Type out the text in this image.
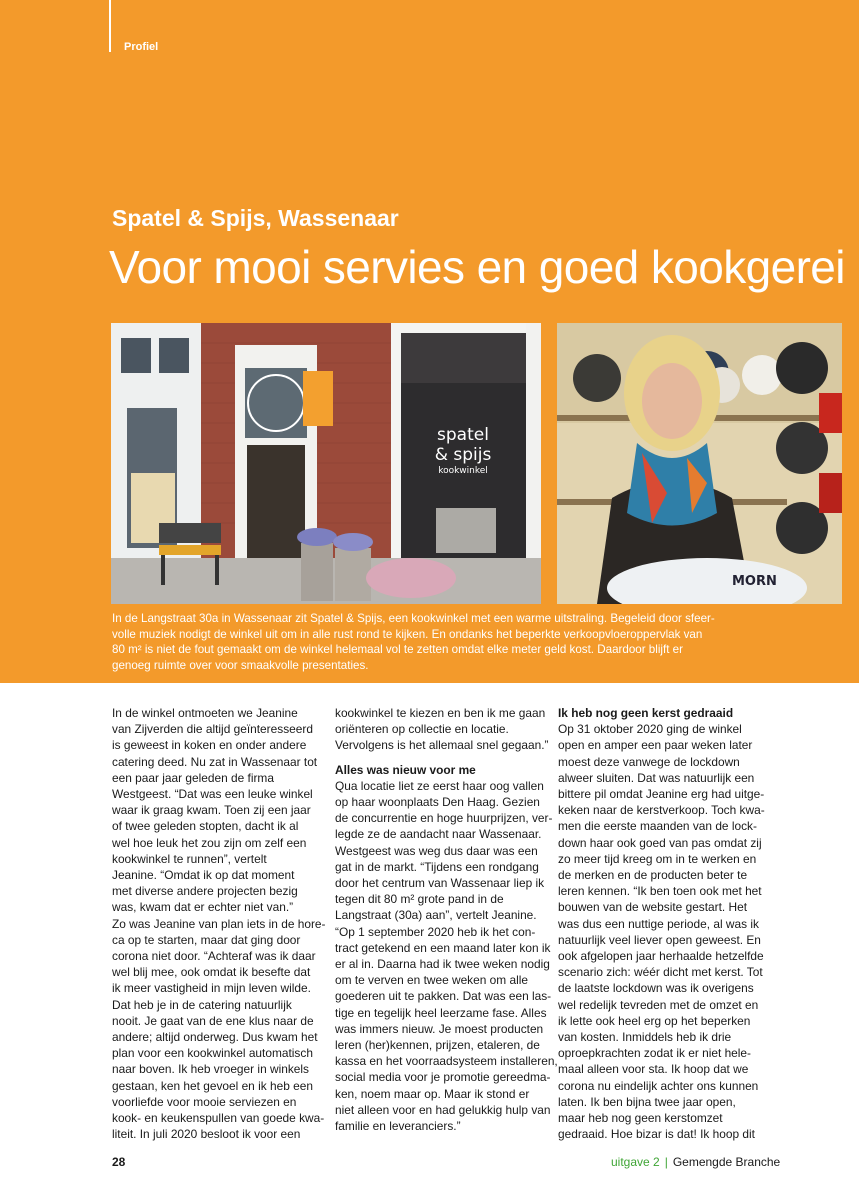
Profiel
Spatel & Spijs, Wassenaar
Voor mooi servies en goed kookgerei
spatel
& spijs
kookwinkel
MORN
In de Langstraat 30a in Wassenaar zit Spatel & Spijs, een kookwinkel met een warme uitstraling. Begeleid door sfeer-
volle muziek nodigt de winkel uit om in alle rust rond te kijken. En ondanks het beperkte verkoopvloeroppervlak van
80 m² is niet de fout gemaakt om de winkel helemaal vol te zetten omdat elke meter geld kost. Daardoor blijft er
genoeg ruimte over voor smaakvolle presentaties.
In de winkel ontmoeten we Jeanine
van Zijverden die altijd geïnteresseerd
is geweest in koken en onder andere
catering deed. Nu zat in Wassenaar tot
een paar jaar geleden de firma
Westgeest. “Dat was een leuke winkel
waar ik graag kwam. Toen zij een jaar
of twee geleden stopten, dacht ik al
wel hoe leuk het zou zijn om zelf een
kookwinkel te runnen”, vertelt
Jeanine. “Omdat ik op dat moment
met diverse andere projecten bezig
was, kwam dat er echter niet van.”
Zo was Jeanine van plan iets in de hore-
ca op te starten, maar dat ging door
corona niet door. “Achteraf was ik daar
wel blij mee, ook omdat ik besefte dat
ik meer vastigheid in mijn leven wilde.
Dat heb je in de catering natuurlijk
nooit. Je gaat van de ene klus naar de
andere; altijd onderweg. Dus kwam het
plan voor een kookwinkel automatisch
naar boven. Ik heb vroeger in winkels
gestaan, ken het gevoel en ik heb een
voorliefde voor mooie serviezen en
kook- en keukenspullen van goede kwa-
liteit. In juli 2020 besloot ik voor een
kookwinkel te kiezen en ben ik me gaan
oriënteren op collectie en locatie.
Vervolgens is het allemaal snel gegaan.”
Alles was nieuw voor me
Qua locatie liet ze eerst haar oog vallen
op haar woonplaats Den Haag. Gezien
de concurrentie en hoge huurprijzen, ver-
legde ze de aandacht naar Wassenaar.
Westgeest was weg dus daar was een
gat in de markt. “Tijdens een rondgang
door het centrum van Wassenaar liep ik
tegen dit 80 m² grote pand in de
Langstraat (30a) aan”, vertelt Jeanine.
“Op 1 september 2020 heb ik het con-
tract getekend en een maand later kon ik
er al in. Daarna had ik twee weken nodig
om te verven en twee weken om alle
goederen uit te pakken. Dat was een las-
tige en tegelijk heel leerzame fase. Alles
was immers nieuw. Je moest producten
leren (her)kennen, prijzen, etaleren, de
kassa en het voorraadsysteem installeren,
social media voor je promotie gereedma-
ken, noem maar op. Maar ik stond er
niet alleen voor en had gelukkig hulp van
familie en leveranciers.”
Ik heb nog geen kerst gedraaid
Op 31 oktober 2020 ging de winkel
open en amper een paar weken later
moest deze vanwege de lockdown
alweer sluiten. Dat was natuurlijk een
bittere pil omdat Jeanine erg had uitge-
keken naar de kerstverkoop. Toch kwa-
men die eerste maanden van de lock-
down haar ook goed van pas omdat zij
zo meer tijd kreeg om in te werken en
de merken en de producten beter te
leren kennen. “Ik ben toen ook met het
bouwen van de website gestart. Het
was dus een nuttige periode, al was ik
natuurlijk veel liever open geweest. En
ook afgelopen jaar herhaalde hetzelfde
scenario zich: wéér dicht met kerst. Tot
de laatste lockdown was ik overigens
wel redelijk tevreden met de omzet en
ik lette ook heel erg op het beperken
van kosten. Inmiddels heb ik drie
oproepkrachten zodat ik er niet hele-
maal alleen voor sta. Ik hoop dat we
corona nu eindelijk achter ons kunnen
laten. Ik ben bijna twee jaar open,
maar heb nog geen kerstomzet
gedraaid. Hoe bizar is dat! Ik hoop dit
28	uitgave 2 | Gemengde Branche
